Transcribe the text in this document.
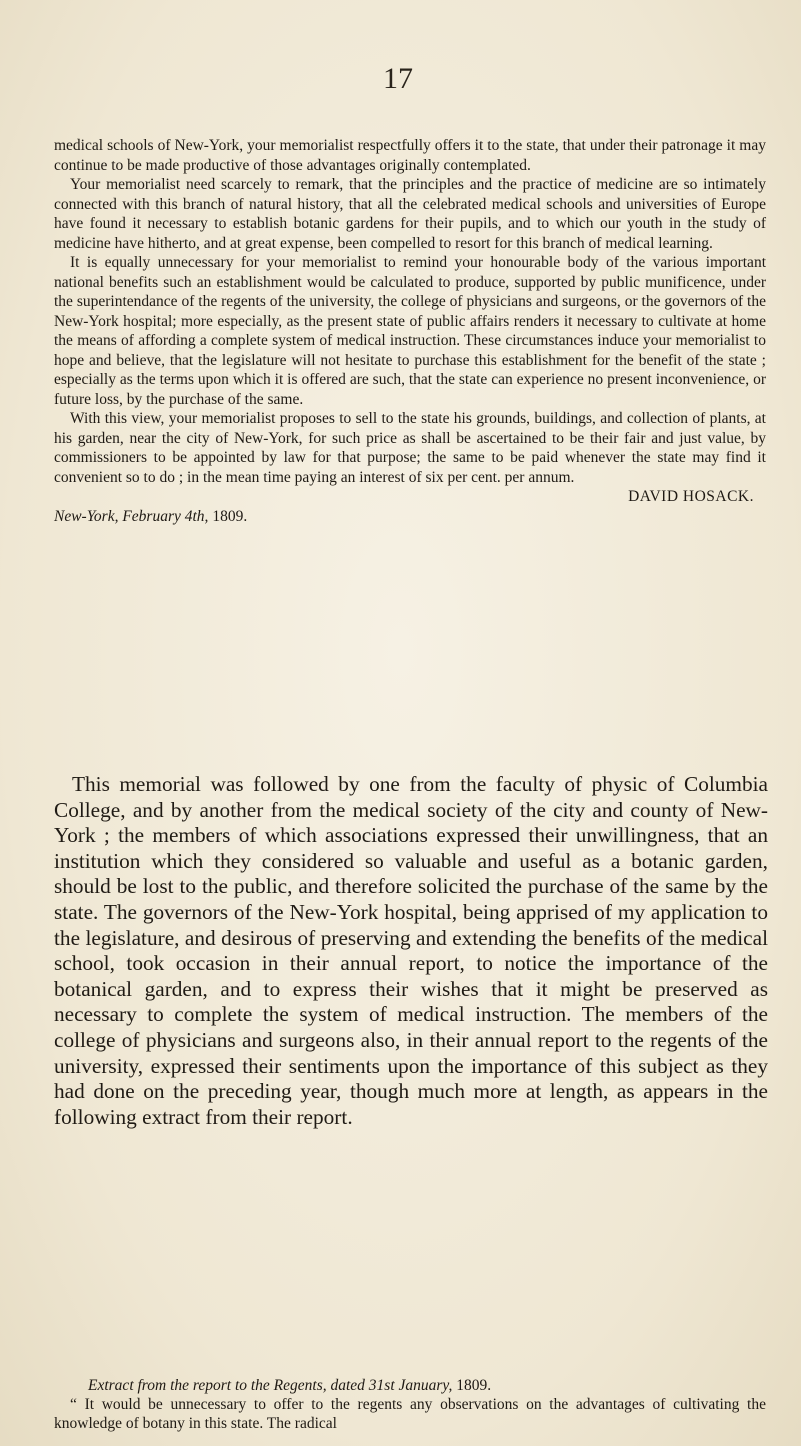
17

medical schools of New-York, your memorialist respectfully offers it to the state, that under their patronage it may continue to be made productive of those advantages originally contemplated.

Your memorialist need scarcely to remark, that the principles and the practice of medicine are so intimately connected with this branch of natural history, that all the celebrated medical schools and universities of Europe have found it necessary to establish botanic gardens for their pupils, and to which our youth in the study of medicine have hitherto, and at great expense, been compelled to resort for this branch of medical learning.

It is equally unnecessary for your memorialist to remind your honourable body of the various important national benefits such an establishment would be calculated to produce, supported by public munificence, under the superintendance of the regents of the university, the college of physicians and surgeons, or the governors of the New-York hospital; more especially, as the present state of public affairs renders it necessary to cultivate at home the means of affording a complete system of medical instruction. These circumstances induce your memorialist to hope and believe, that the legislature will not hesitate to purchase this establishment for the benefit of the state ; especially as the terms upon which it is offered are such, that the state can experience no present inconvenience, or future loss, by the purchase of the same.

With this view, your memorialist proposes to sell to the state his grounds, buildings, and collection of plants, at his garden, near the city of New-York, for such price as shall be ascertained to be their fair and just value, by commissioners to be appointed by law for that purpose; the same to be paid whenever the state may find it convenient so to do ; in the mean time paying an interest of six per cent. per annum.

DAVID HOSACK.
New-York, February 4th, 1809.

This memorial was followed by one from the faculty of physic of Columbia College, and by another from the medical society of the city and county of New-York ; the members of which associations expressed their unwillingness, that an institution which they considered so valuable and useful as a botanic garden, should be lost to the public, and therefore solicited the purchase of the same by the state. The governors of the New-York hospital, being apprised of my application to the legislature, and desirous of preserving and extending the benefits of the medical school, took occasion in their annual report, to notice the importance of the botanical garden, and to express their wishes that it might be preserved as necessary to complete the system of medical instruction. The members of the college of physicians and surgeons also, in their annual report to the regents of the university, expressed their sentiments upon the importance of this subject as they had done on the preceding year, though much more at length, as appears in the following extract from their report.

Extract from the report to the Regents, dated 31st January, 1809.

“ It would be unnecessary to offer to the regents any observations on the advantages of cultivating the knowledge of botany in this state. The radical
